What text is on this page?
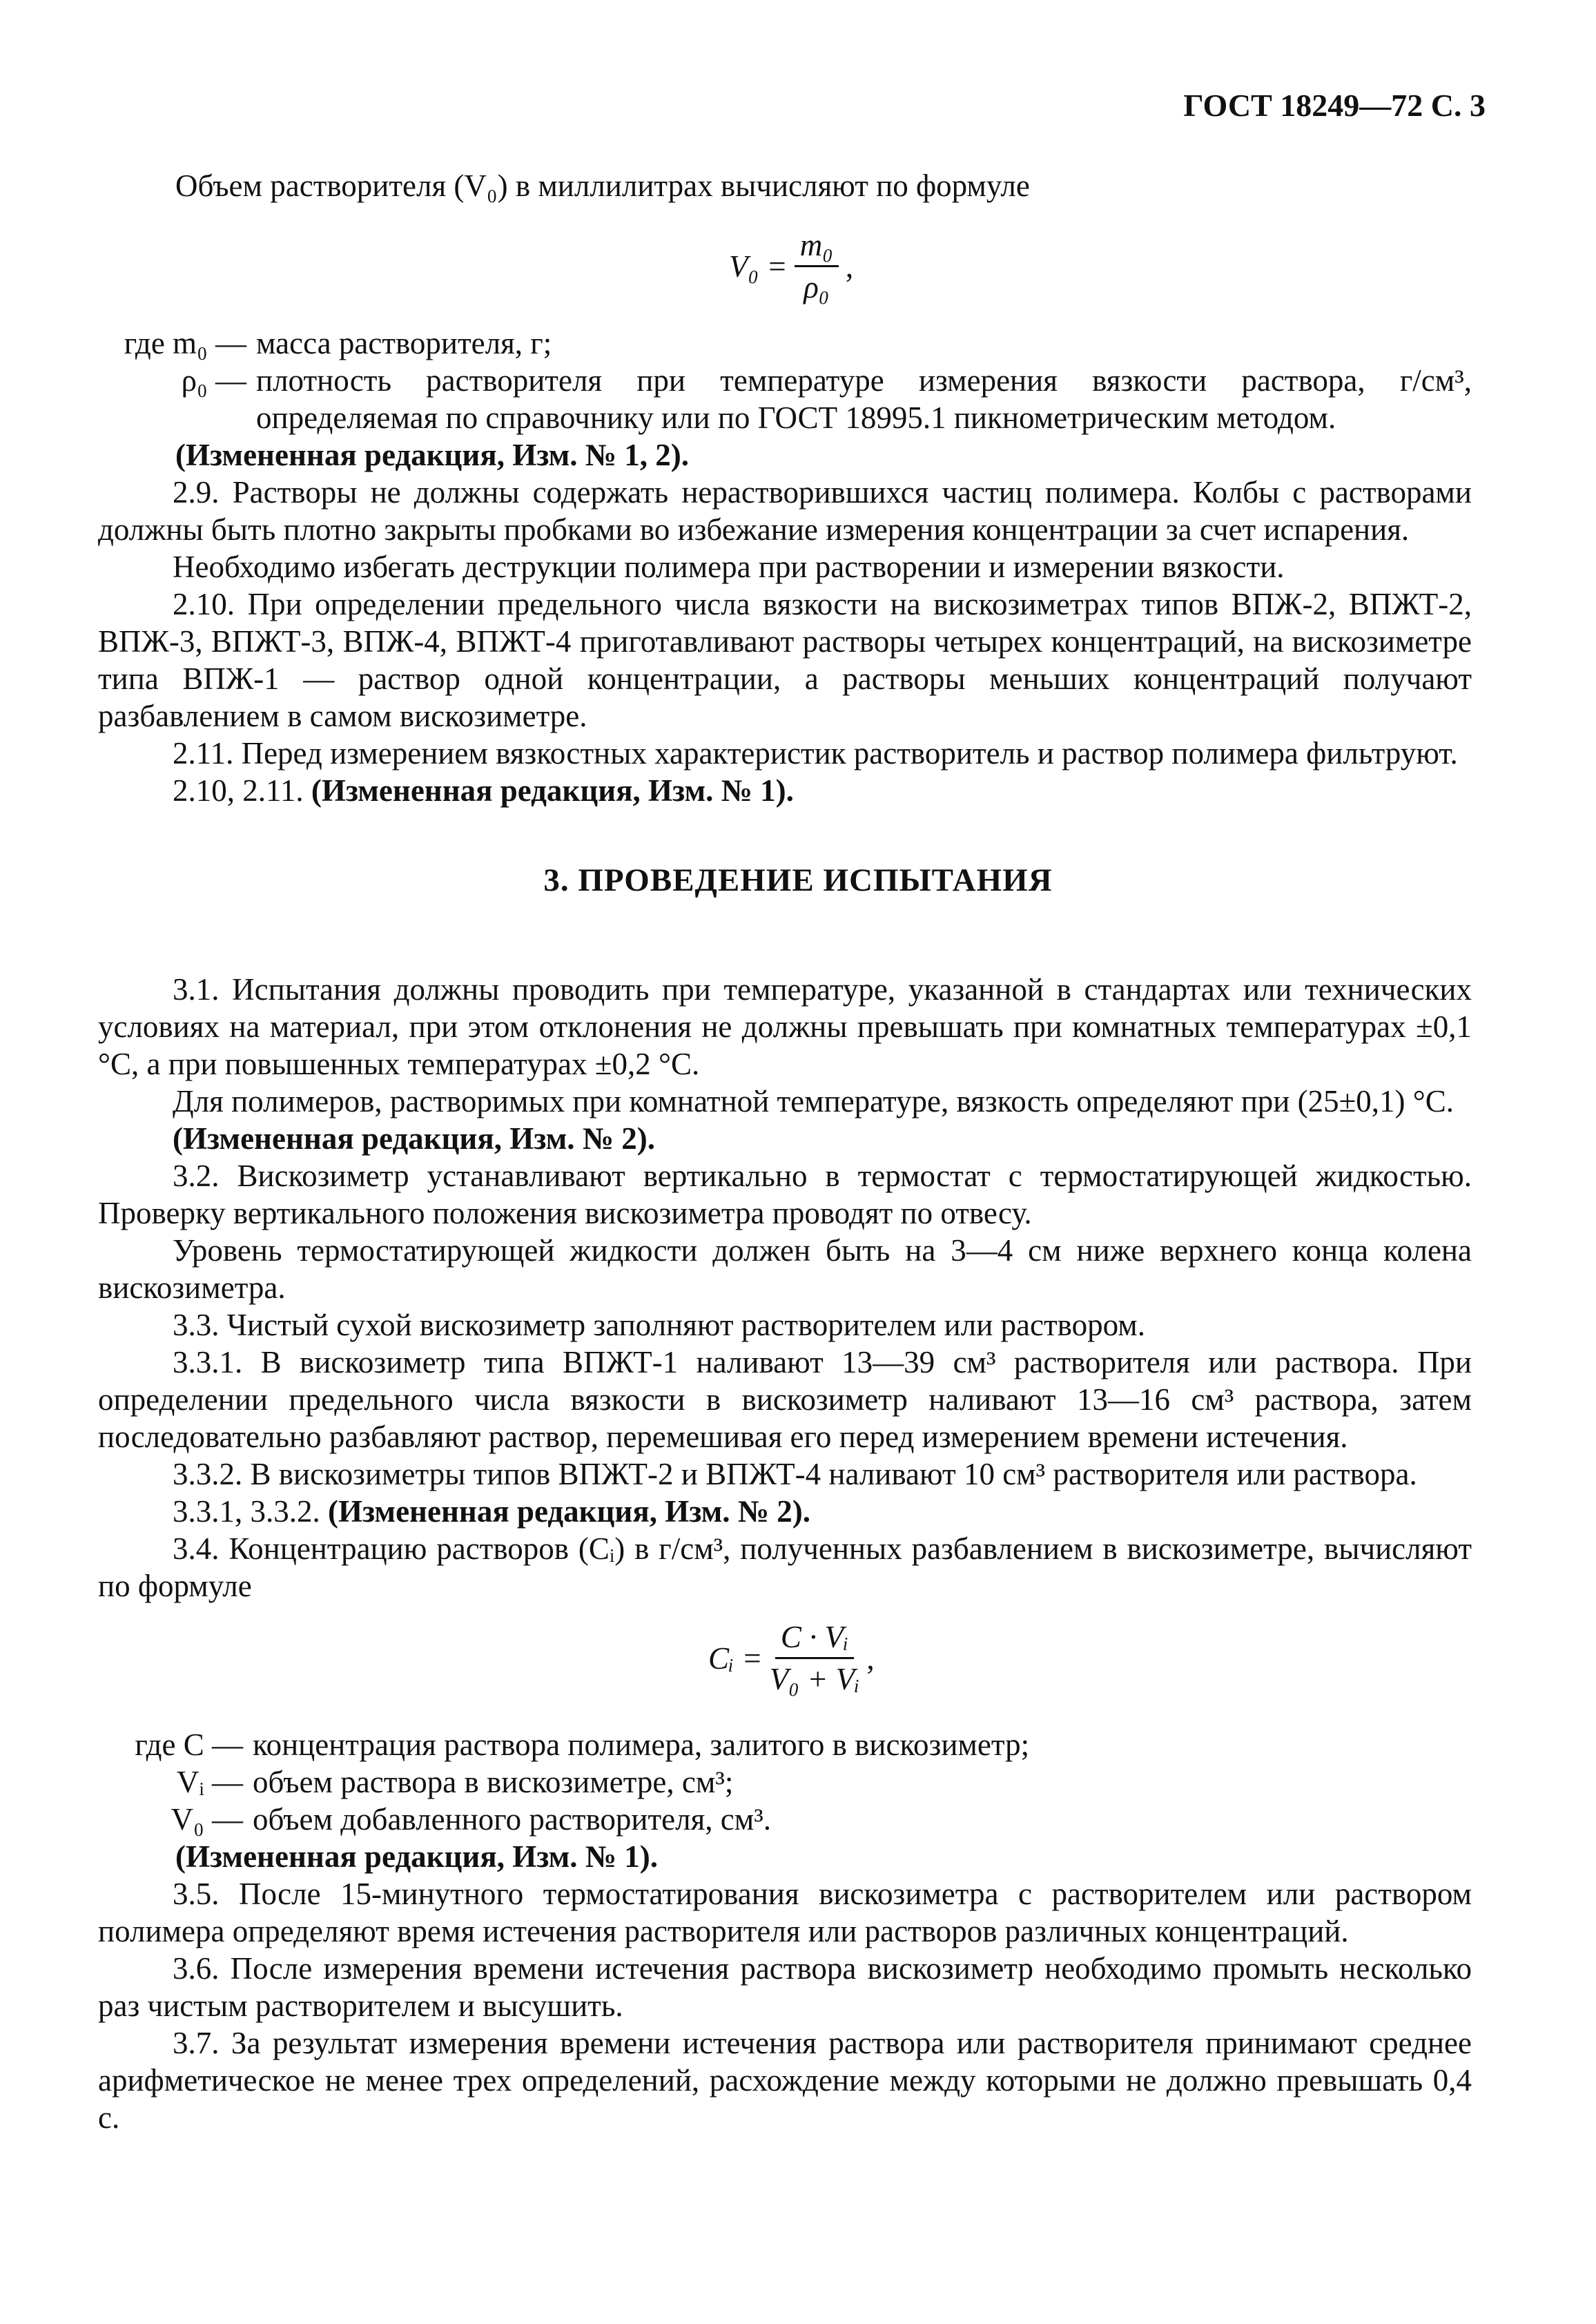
ГОСТ 18249—72 С. 3

Объем растворителя (V₀) в миллилитрах вычисляют по формуле

$V_0 = \frac{\text{m₀}}{\text{ρ₀}}$ ,
где m₀ — масса растворителя, г;
ρ₀ — плотность растворителя при температуре измерения вязкости раствора, г/см³, определяемая по справочнику или по ГОСТ 18995.1 пикнометрическим методом.

(Измененная редакция, Изм. № 1, 2).

2.9. Растворы не должны содержать нерастворившихся частиц полимера. Колбы с растворами должны быть плотно закрыты пробками во избежание измерения концентрации за счет испарения.

Необходимо избегать деструкции полимера при растворении и измерении вязкости.

2.10. При определении предельного числа вязкости на вискозиметрах типов ВПЖ-2, ВПЖТ-2, ВПЖ-3, ВПЖТ-3, ВПЖ-4, ВПЖТ-4 приготавливают растворы четырех концентраций, на вискозиметре типа ВПЖ-1 — раствор одной концентрации, а растворы меньших концентраций получают разбавлением в самом вискозиметре.

2.11. Перед измерением вязкостных характеристик растворитель и раствор полимера фильтруют.

2.10, 2.11. (Измененная редакция, Изм. № 1).

3. ПРОВЕДЕНИЕ ИСПЫТАНИЯ

3.1. Испытания должны проводить при температуре, указанной в стандартах или технических условиях на материал, при этом отклонения не должны превышать при комнатных температурах ±0,1 °С, а при повышенных температурах ±0,2 °С.

Для полимеров, растворимых при комнатной температуре, вязкость определяют при (25±0,1) °С.

(Измененная редакция, Изм. № 2).

3.2. Вискозиметр устанавливают вертикально в термостат с термостатирующей жидкостью. Проверку вертикального положения вискозиметра проводят по отвесу.

Уровень термостатирующей жидкости должен быть на 3—4 см ниже верхнего конца колена вискозиметра.

3.3. Чистый сухой вискозиметр заполняют растворителем или раствором.

3.3.1. В вискозиметр типа ВПЖТ-1 наливают 13—39 см³ растворителя или раствора. При определении предельного числа вязкости в вискозиметр наливают 13—16 см³ раствора, затем последовательно разбавляют раствор, перемешивая его перед измерением времени истечения.

3.3.2. В вискозиметры типов ВПЖТ-2 и ВПЖТ-4 наливают 10 см³ растворителя или раствора.

3.3.1, 3.3.2. (Измененная редакция, Изм. № 2).

3.4. Концентрацию растворов (Cᵢ) в г/см³, полученных разбавлением в вискозиметре, вычисляют по формуле

Cᵢ = $\frac{\text{C · Vᵢ}}{\text{V₀ + Vᵢ}}$ ,
где C — концентрация раствора полимера, залитого в вискозиметр;
Vᵢ — объем раствора в вискозиметре, см³;
V₀ — объем добавленного растворителя, см³.

(Измененная редакция, Изм. № 1).

3.5. После 15-минутного термостатирования вискозиметра с растворителем или раствором полимера определяют время истечения растворителя или растворов различных концентраций.

3.6. После измерения времени истечения раствора вискозиметр необходимо промыть несколько раз чистым растворителем и высушить.

3.7. За результат измерения времени истечения раствора или растворителя принимают среднее арифметическое не менее трех определений, расхождение между которыми не должно превышать 0,4 с.
